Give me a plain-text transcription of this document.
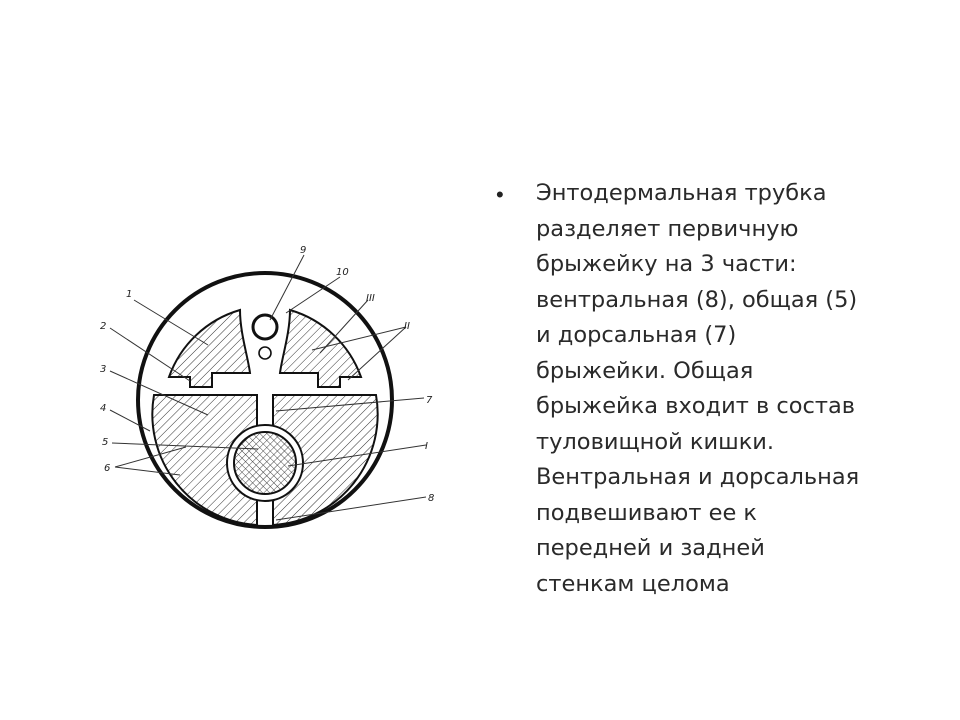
1
2
3
4
5
6
7
8
9
10
I
II
III
• Энтодермальная трубка
разделяет первичную
брыжейку на 3 части:
вентральная (8), общая (5)
и дорсальная (7)
брыжейки. Общая
брыжейка входит в состав
туловищной кишки.
Вентральная и дорсальная
подвешивают ее к
передней и задней
стенкам целома
